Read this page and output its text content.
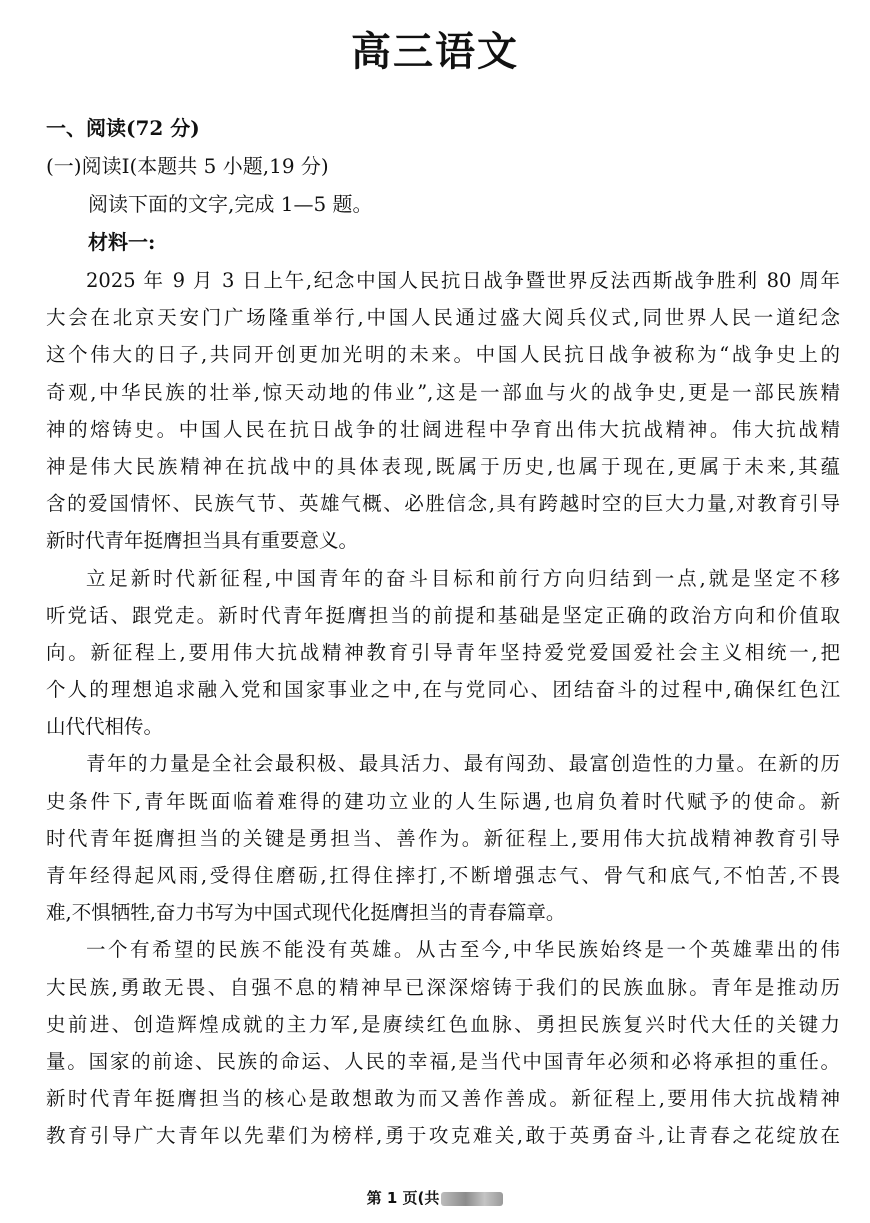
高三语文
一、阅读(72 分)
(一)阅读Ⅰ(本题共 5 小题,19 分)
阅读下面的文字,完成 1—5 题。
材料一:
2025 年 9 月 3 日上午,纪念中国人民抗日战争暨世界反法西斯战争胜利 80 周年
大会在北京天安门广场隆重举行,中国人民通过盛大阅兵仪式,同世界人民一道纪念
这个伟大的日子,共同开创更加光明的未来。中国人民抗日战争被称为“战争史上的
奇观,中华民族的壮举,惊天动地的伟业”,这是一部血与火的战争史,更是一部民族精
神的熔铸史。中国人民在抗日战争的壮阔进程中孕育出伟大抗战精神。伟大抗战精
神是伟大民族精神在抗战中的具体表现,既属于历史,也属于现在,更属于未来,其蕴
含的爱国情怀、民族气节、英雄气概、必胜信念,具有跨越时空的巨大力量,对教育引导
新时代青年挺膺担当具有重要意义。
立足新时代新征程,中国青年的奋斗目标和前行方向归结到一点,就是坚定不移
听党话、跟党走。新时代青年挺膺担当的前提和基础是坚定正确的政治方向和价值取
向。新征程上,要用伟大抗战精神教育引导青年坚持爱党爱国爱社会主义相统一,把
个人的理想追求融入党和国家事业之中,在与党同心、团结奋斗的过程中,确保红色江
山代代相传。
青年的力量是全社会最积极、最具活力、最有闯劲、最富创造性的力量。在新的历
史条件下,青年既面临着难得的建功立业的人生际遇,也肩负着时代赋予的使命。新
时代青年挺膺担当的关键是勇担当、善作为。新征程上,要用伟大抗战精神教育引导
青年经得起风雨,受得住磨砺,扛得住摔打,不断增强志气、骨气和底气,不怕苦,不畏
难,不惧牺牲,奋力书写为中国式现代化挺膺担当的青春篇章。
一个有希望的民族不能没有英雄。从古至今,中华民族始终是一个英雄辈出的伟
大民族,勇敢无畏、自强不息的精神早已深深熔铸于我们的民族血脉。青年是推动历
史前进、创造辉煌成就的主力军,是赓续红色血脉、勇担民族复兴时代大任的关键力
量。国家的前途、民族的命运、人民的幸福,是当代中国青年必须和必将承担的重任。
新时代青年挺膺担当的核心是敢想敢为而又善作善成。新征程上,要用伟大抗战精神
教育引导广大青年以先辈们为榜样,勇于攻克难关,敢于英勇奋斗,让青春之花绽放在
第 1 页(共
